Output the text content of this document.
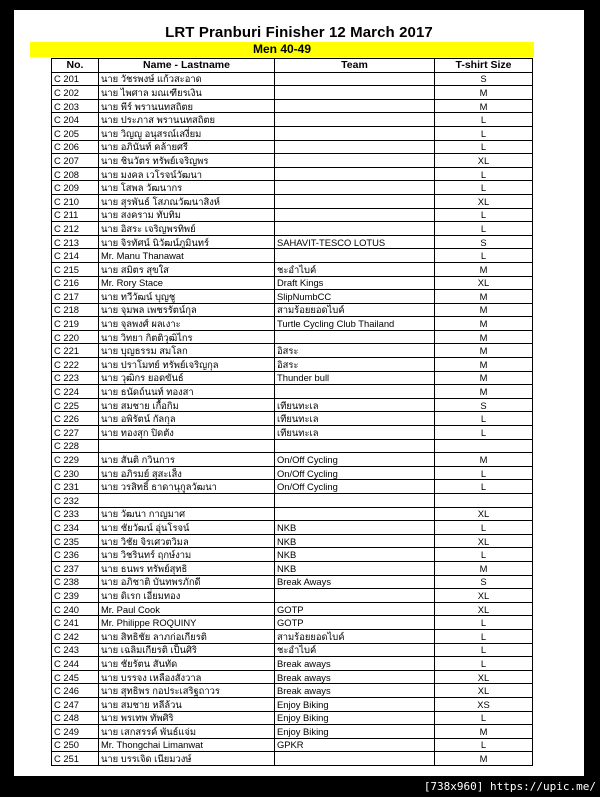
LRT Pranburi Finisher 12 March 2017
Men 40-49
No.	Name - Lastname	Team	T-shirt Size
C 201	นาย วัชรพงษ์ แก้วสะอาด		S
C 202	นาย ไพศาล มณเฑียรเงิน		M
C 203	นาย พีร์ พรานนทสถิตย		M
C 204	นาย ประภาส พรานนทสถิตย		L
C 205	นาย วิญญู อนุสรณ์เสงี่ยม		L
C 206	นาย อภินันท์ คล้ายศรี		L
C 207	นาย ชินวัตร ทรัพย์เจริญพร		XL
C 208	นาย มงคล เวโรจน์วัฒนา		L
C 209	นาย โสพล วัฒนากร		L
C 210	นาย สุรพันธ์ โสภณวัฒนาสิงห์		XL
C 211	นาย สงคราม ทับทิม		L
C 212	นาย อิสระ เจริญพรทิพย์		L
C 213	นาย จิรทัศน์ นิวัฒน์ภูมินทร์	SAHAVIT-TESCO LOTUS	S
C 214	Mr. Manu Thanawat		L
C 215	นาย สมิตร สุขใส	ชะอำไบค์	M
C 216	Mr. Rory Stace	Draft Kings	XL
C 217	นาย ทวีวัฒน์ บุญชู	SlipNumbCC	M
C 218	นาย จุมพล เพชรรัตน์กุล	สามร้อยยอดไบค์	M
C 219	นาย จุลพงศ์ ผลเงาะ	Turtle Cycling Club Thailand	M
C 220	นาย วิทยา กิตติวุฒิไกร		M
C 221	นาย บุญธรรม สมโลก	อิสระ	M
C 222	นาย ปราโมทย์ ทรัพย์เจริญกุล	อิสระ	M
C 223	นาย วุฒิกร ยอดขันธ์	Thunder bull	M
C 224	นาย ธนัดถ์นนท์ ทองสา		M
C 225	นาย สมชาย เกื้อกิม	เทียนทะเล	S
C 226	นาย อพิรัตน์ กัลกุล	เทียนทะเล	L
C 227	นาย ทองสุก ปิดตัง	เทียนทะเล	L
C 228			
C 229	นาย สันติ กวินการ	On/Off Cycling	M
C 230	นาย อภิรมย์ สุสะเส็ง	On/Off Cycling	L
C 231	นาย วรสิทธิ์ ธาดานุกูลวัฒนา	On/Off Cycling	L
C 232			
C 233	นาย วัฒนา กาญมาศ		XL
C 234	นาย ชัยวัฒน์ อุ่นโรจน์	NKB	L
C 235	นาย วิชัย จิรเศวตวิมล	NKB	XL
C 236	นาย วิชรินทร์ ฤกษ์งาม	NKB	L
C 237	นาย ธนพร ทรัพย์สุทธิ	NKB	M
C 238	นาย อภิชาติ บันทพรภักดี	Break Aways	S
C 239	นาย ดิเรก เอี่ยมทอง		XL
C 240	Mr. Paul Cook	GOTP	XL
C 241	Mr. Philippe ROQUINY	GOTP	L
C 242	นาย สิทธิชัย ลาภก่อเกียรติ	สามร้อยยอดไบค์	L
C 243	นาย เฉลิมเกียรติ เป็นศิริ	ชะอำไบค์	L
C 244	นาย ชัยรัตน สันทัด	Break aways	L
C 245	นาย บรรจง เหลืองสังวาล	Break aways	XL
C 246	นาย สุทธิพร กอประเสริฐถาวร	Break aways	XL
C 247	นาย สมชาย หลีล้วน	Enjoy Biking	XS
C 248	นาย พรเทพ ทัพศิริ	Enjoy Biking	L
C 249	นาย เสกสรรค์ พันธ์แจ่ม	Enjoy Biking	M
C 250	Mr. Thongchai Limanwat	GPKR	L
C 251	นาย บรรเจิด เนียมวงษ์		M
[738x960] https://upic.me/
